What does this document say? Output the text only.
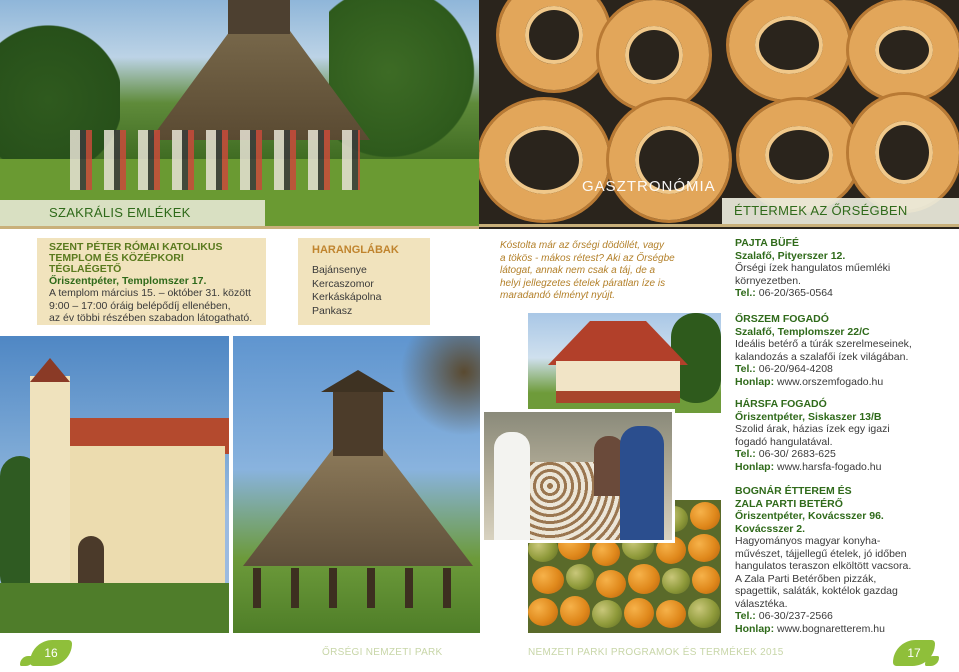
SZAKRÁLIS EMLÉKEK
SZENT PÉTER RÓMAI KATOLIKUS
TEMPLOM ÉS KÖZÉPKORI TÉGLAÉGETŐ
Őriszentpéter, Templomszer 17.
A templom március 15. – október 31. között
9:00 – 17:00 óráig belépődíj ellenében,
az év többi részében szabadon látogatható.
HARANGLÁBAK
Bajánsenye
Kercaszomor
Kerkáskápolna
Pankasz
GASZTRONÓMIA
ÉTTERMEK AZ ŐRSÉGBEN
Kóstolta már az őrségi dödöllét, vagy
a tökös - mákos rétest? Aki az Őrségbe
látogat, annak nem csak a táj, de a
helyi jellegzetes ételek páratlan íze is
maradandó élményt nyújt.
PAJTA BÜFÉ
Szalafő, Pityerszer 12.
Őrségi ízek hangulatos műemléki
környezetben.
Tel.: 06-20/365-0564
ŐRSZEM FOGADÓ
Szalafő, Templomszer 22/C
Ideális betérő a túrák szerelmeseinek,
kalandozás a szalafői ízek világában.
Tel.: 06-20/964-4208
Honlap: www.orszemfogado.hu
HÁRSFA FOGADÓ
Őriszentpéter, Siskaszer 13/B
Szolid árak, házias ízek egy igazi
fogadó hangulatával.
Tel.: 06-30/ 2683-625
Honlap: www.harsfa-fogado.hu
BOGNÁR ÉTTEREM ÉS
ZALA PARTI BETÉRŐ
Őriszentpéter, Kovácsszer 96.
Kovácsszer 2.
Hagyományos magyar konyha-
művészet, tájjellegű ételek, jó időben
hangulatos teraszon elköltött vacsora.
A Zala Parti Betérőben pizzák,
spagettik, saláták, koktélok gazdag
választéka.
Tel.: 06-30/237-2566
Honlap: www.bognaretterem.hu
16	ŐRSÉGI NEMZETI PARK	NEMZETI PARKI PROGRAMOK ÉS TERMÉKEK 2015	17
